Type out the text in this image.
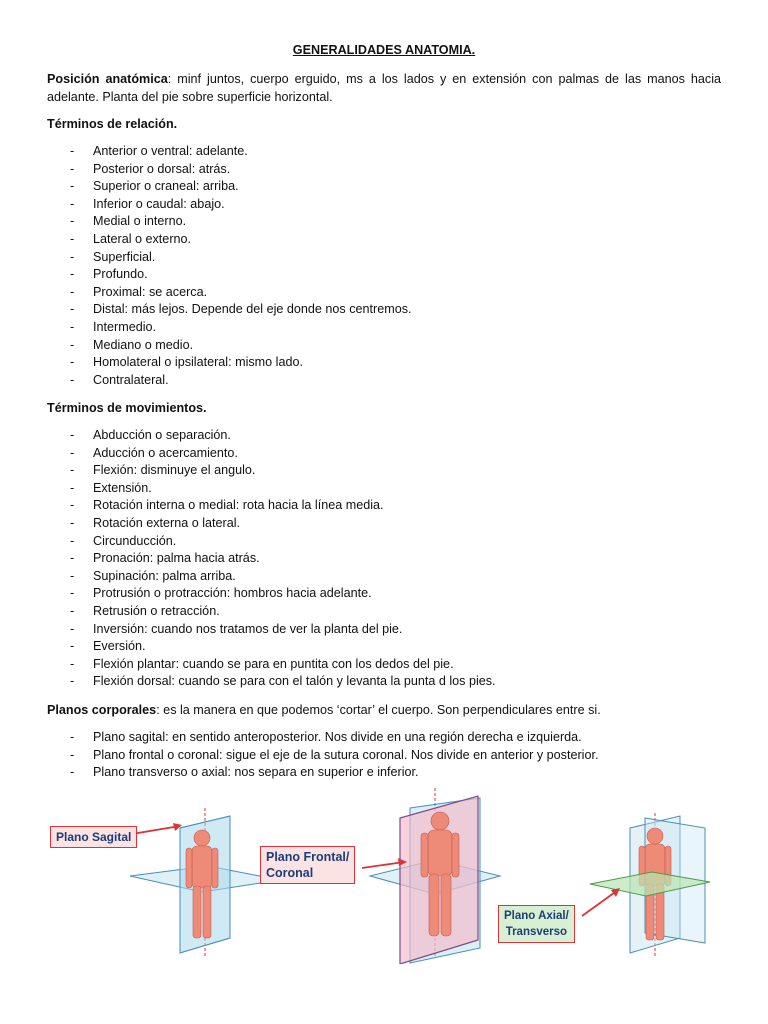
GENERALIDADES ANATOMIA.
Posición anatómica: minf juntos, cuerpo erguido, ms a los lados y en extensión con palmas de las manos hacia adelante. Planta del pie sobre superficie horizontal.
Términos de relación.
- Anterior o ventral: adelante.
- Posterior o dorsal: atrás.
- Superior o craneal: arriba.
- Inferior o caudal: abajo.
- Medial o interno.
- Lateral o externo.
- Superficial.
- Profundo.
- Proximal: se acerca.
- Distal: más lejos. Depende del eje donde nos centremos.
- Intermedio.
- Mediano o medio.
- Homolateral o ipsilateral: mismo lado.
- Contralateral.
Términos de movimientos.
- Abducción o separación.
- Aducción o acercamiento.
- Flexión: disminuye el angulo.
- Extensión.
- Rotación interna o medial: rota hacia la línea media.
- Rotación externa o lateral.
- Circunducción.
- Pronación: palma hacia atrás.
- Supinación: palma arriba.
- Protrusión o protracción: hombros hacia adelante.
- Retrusión o retracción.
- Inversión: cuando nos tratamos de ver la planta del pie.
- Eversión.
- Flexión plantar: cuando se para en puntita con los dedos del pie.
- Flexión dorsal: cuando se para con el talón y levanta la punta d los pies.
Planos corporales: es la manera en que podemos ‘cortar’ el cuerpo. Son perpendiculares entre si.
- Plano sagital: en sentido anteroposterior. Nos divide en una región derecha e izquierda.
- Plano frontal o coronal: sigue el eje de la sutura coronal. Nos divide en anterior y posterior.
- Plano transverso o axial: nos separa en superior e inferior.
Plano Sagital
Plano Frontal/
Coronal
Plano Axial/
Transverso
